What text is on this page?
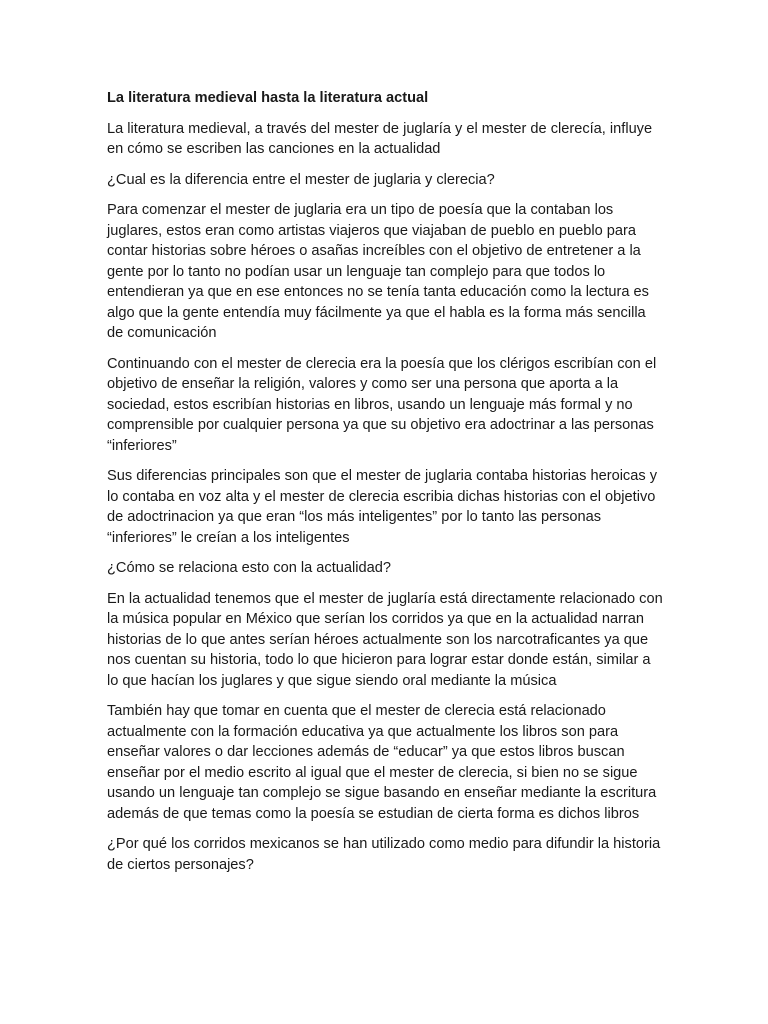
La literatura medieval hasta la literatura actual

La literatura medieval, a través del mester de juglaría y el mester de clerecía, influye en cómo se escriben las canciones en la actualidad

¿Cual es la diferencia entre el mester de juglaria y clerecia?

Para comenzar el mester de juglaria era un tipo de poesía que la contaban los juglares, estos eran como artistas viajeros que viajaban de pueblo en pueblo para contar historias sobre héroes o asañas increíbles con el objetivo de entretener a la gente por lo tanto no podían usar un lenguaje tan complejo para que todos lo entendieran ya que en ese entonces no se tenía tanta educación como la lectura es algo que la gente entendía muy fácilmente ya que el habla es la forma más sencilla de comunicación

Continuando con el mester de clerecia era la poesía que los clérigos escribían con el objetivo de enseñar la religión, valores y como ser una persona que aporta a la sociedad, estos escribían historias en libros, usando un lenguaje más formal y no comprensible por cualquier persona ya que su objetivo era adoctrinar a las personas “inferiores”

Sus diferencias principales son que el mester de juglaria contaba historias heroicas y lo contaba en voz alta y el mester de clerecia escribia dichas historias con el objetivo de adoctrinacion ya que eran “los más inteligentes” por lo tanto las personas “inferiores” le creían a los inteligentes

¿Cómo se relaciona esto con la actualidad?

En la actualidad tenemos que el mester de juglaría está directamente relacionado con la música popular en México que serían los corridos ya que en la actualidad narran historias de lo que antes serían héroes actualmente son los narcotraficantes ya que nos cuentan su historia, todo lo que hicieron para lograr estar donde están, similar a lo que hacían los juglares y que sigue siendo oral mediante la música

También hay que tomar en cuenta que el mester de clerecia está relacionado actualmente con la formación educativa ya que actualmente los libros son para enseñar valores o dar lecciones además de “educar” ya que estos libros buscan enseñar por el medio escrito al igual que el mester de clerecia, si bien no se sigue usando un lenguaje tan complejo se sigue basando en enseñar mediante la escritura además de que temas como la poesía se estudian de cierta forma es dichos libros

¿Por qué los corridos mexicanos se han utilizado como medio para difundir la historia de ciertos personajes?
